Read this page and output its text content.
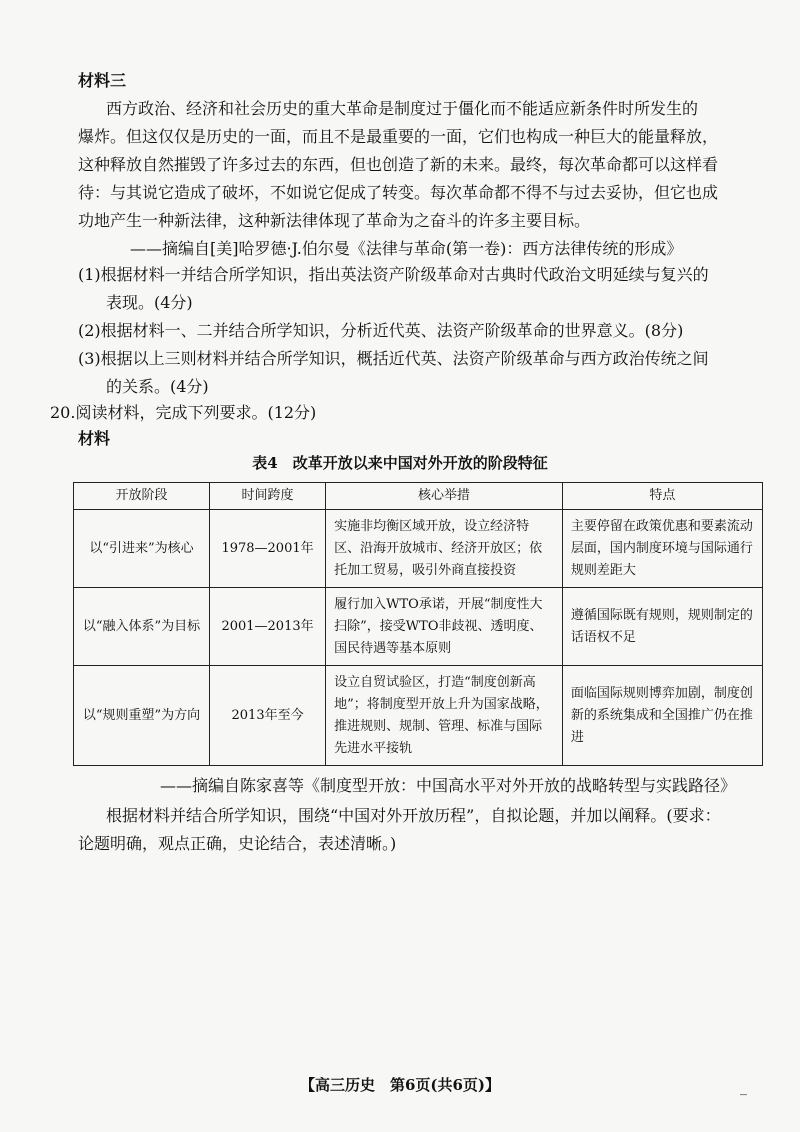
材料三
西方政治、经济和社会历史的重大革命是制度过于僵化而不能适应新条件时所发生的
爆炸。但这仅仅是历史的一面，而且不是最重要的一面，它们也构成一种巨大的能量释放，
这种释放自然摧毁了许多过去的东西，但也创造了新的未来。最终，每次革命都可以这样看
待：与其说它造成了破坏，不如说它促成了转变。每次革命都不得不与过去妥协，但它也成
功地产生一种新法律，这种新法律体现了革命为之奋斗的许多主要目标。
——摘编自[美]哈罗德·J.伯尔曼《法律与革命(第一卷)：西方法律传统的形成》
(1)根据材料一并结合所学知识，指出英法资产阶级革命对古典时代政治文明延续与复兴的
表现。(4分)
(2)根据材料一、二并结合所学知识，分析近代英、法资产阶级革命的世界意义。(8分)
(3)根据以上三则材料并结合所学知识，概括近代英、法资产阶级革命与西方政治传统之间
的关系。(4分)
20.阅读材料，完成下列要求。(12分)
材料
表4　改革开放以来中国对外开放的阶段特征
开放阶段	时间跨度	核心举措	特点
以“引进来”为核心	1978—2001年	实施非均衡区域开放，设立经济特区、沿海开放城市、经济开放区；依托加工贸易，吸引外商直接投资	主要停留在政策优惠和要素流动层面，国内制度环境与国际通行规则差距大
以“融入体系”为目标	2001—2013年	履行加入WTO承诺，开展“制度性大扫除”，接受WTO非歧视、透明度、国民待遇等基本原则	遵循国际既有规则，规则制定的话语权不足
以“规则重塑”为方向	2013年至今	设立自贸试验区，打造“制度创新高地”；将制度型开放上升为国家战略，推进规则、规制、管理、标准与国际先进水平接轨	面临国际规则博弈加剧，制度创新的系统集成和全国推广仍在推进
——摘编自陈家喜等《制度型开放：中国高水平对外开放的战略转型与实践路径》
根据材料并结合所学知识，围绕“中国对外开放历程”，自拟论题，并加以阐释。(要求：
论题明确，观点正确，史论结合，表述清晰。)
【高三历史　第6页(共6页)】	_
